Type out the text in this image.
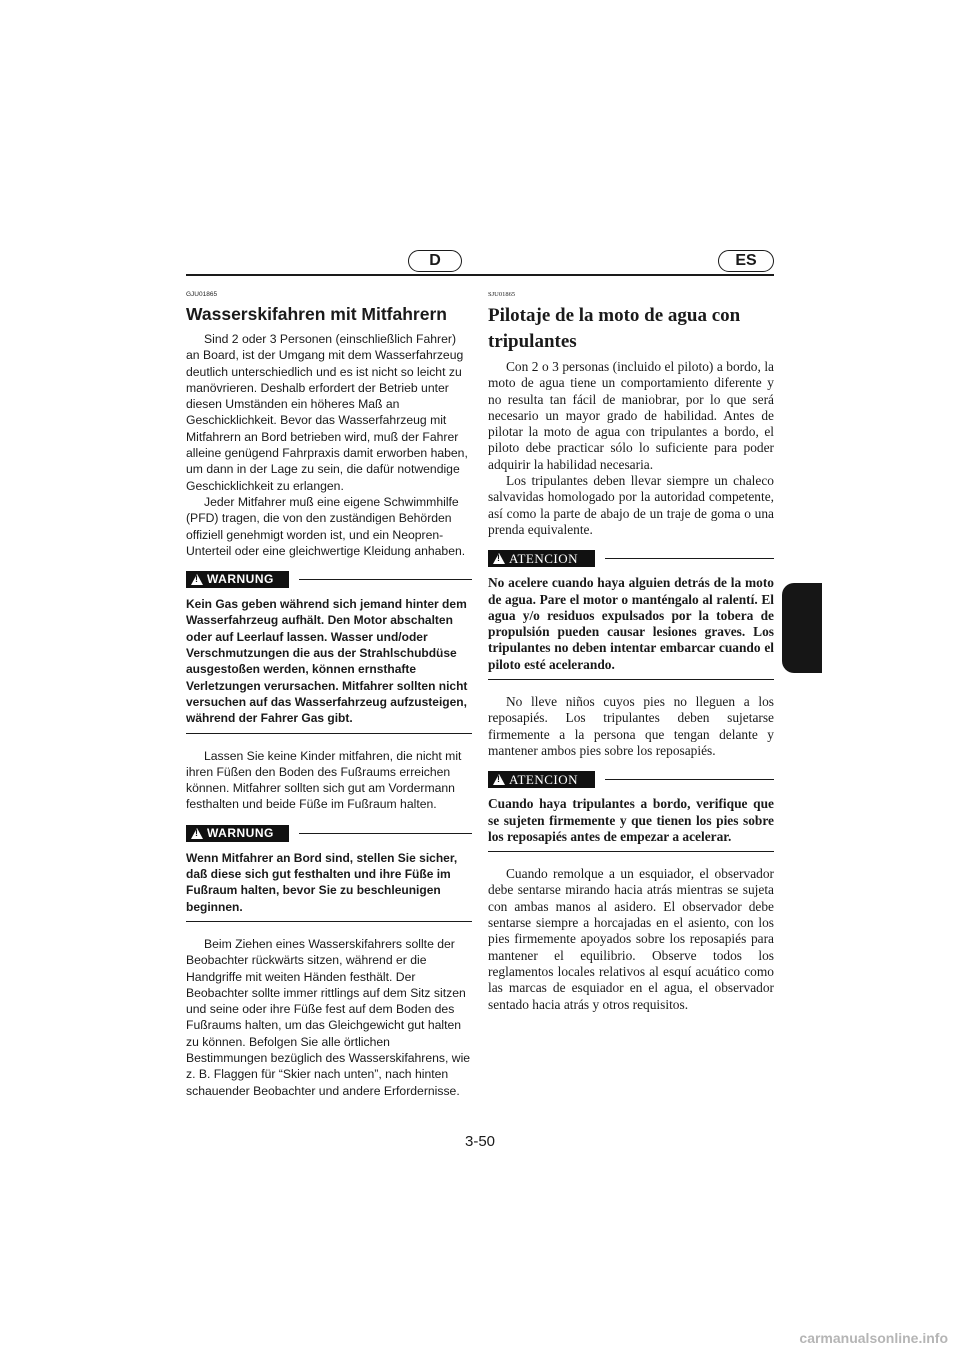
D	ES
GJU01865
Wasserskifahren mit Mitfahrern

Sind 2 oder 3 Personen (einschließlich Fahrer) an Board, ist der Umgang mit dem Wasserfahrzeug deutlich unterschiedlich und es ist nicht so leicht zu manövrieren. Deshalb erfordert der Betrieb unter diesen Umständen ein höheres Maß an Geschicklichkeit. Bevor das Wasserfahrzeug mit Mitfahrern an Bord betrieben wird, muß der Fahrer alleine genügend Fahrpraxis damit erworben haben, um dann in der Lage zu sein, die dafür notwendige Geschicklichkeit zu erlangen.

Jeder Mitfahrer muß eine eigene Schwimmhilfe (PFD) tragen, die von den zuständigen Behörden offiziell genehmigt worden ist, und ein Neopren-Unterteil oder eine gleichwertige Kleidung anhaben.

!
WARNUNG

Kein Gas geben während sich jemand hinter dem Wasserfahrzeug aufhält. Den Motor abschalten oder auf Leerlauf lassen. Wasser und/oder Verschmutzungen die aus der Strahlschubdüse ausgestoßen werden, können ernsthafte Verletzungen verursachen. Mitfahrer sollten nicht versuchen auf das Wasserfahrzeug aufzusteigen, während der Fahrer Gas gibt.

Lassen Sie keine Kinder mitfahren, die nicht mit ihren Füßen den Boden des Fußraums erreichen können. Mitfahrer sollten sich gut am Vordermann festhalten und beide Füße im Fußraum halten.

!
WARNUNG

Wenn Mitfahrer an Bord sind, stellen Sie sicher, daß diese sich gut festhalten und ihre Füße im Fußraum halten, bevor Sie zu beschleunigen beginnen.

Beim Ziehen eines Wasserskifahrers sollte der Beobachter rückwärts sitzen, während er die Handgriffe mit weiten Händen festhält. Der Beobachter sollte immer rittlings auf dem Sitz sitzen und seine oder ihre Füße fest auf dem Boden des Fußraums halten, um das Gleichgewicht gut halten zu können. Befolgen Sie alle örtlichen Bestimmungen bezüglich des Wasserskifahrens, wie z. B. Flaggen für “Skier nach unten”, nach hinten schauender Beobachter und andere Erfordernisse.

SJU01865
Pilotaje de la moto de agua con tripulantes

Con 2 o 3 personas (incluido el piloto) a bordo, la moto de agua tiene un comportamiento diferente y no resulta tan fácil de maniobrar, por lo que será necesario un mayor grado de habilidad. Antes de pilotar la moto de agua con tripulantes a bordo, el piloto debe practicar sólo lo suficiente para poder adquirir la habilidad necesaria.

Los tripulantes deben llevar siempre un chaleco salvavidas homologado por la autoridad competente, así como la parte de abajo de un traje de goma o una prenda equivalente.

!
ATENCION

No acelere cuando haya alguien detrás de la moto de agua. Pare el motor o manténgalo al ralentí. El agua y/o residuos expulsados por la tobera de propulsión pueden causar lesiones graves. Los tripulantes no deben intentar embarcar cuando el piloto esté acelerando.

No lleve niños cuyos pies no lleguen a los reposapiés. Los tripulantes deben sujetarse firmemente a la persona que tengan delante y mantener ambos pies sobre los reposapiés.

!
ATENCION

Cuando haya tripulantes a bordo, verifique que se sujeten firmemente y que tienen los pies sobre los reposapiés antes de empezar a acelerar.

Cuando remolque a un esquiador, el observador debe sentarse mirando hacia atrás mientras se sujeta con ambas manos al asidero. El observador debe sentarse siempre a horcajadas en el asiento, con los pies firmemente apoyados sobre los reposapiés para mantener el equilibrio. Observe todos los reglamentos locales relativos al esquí acuático como las marcas de esquiador en el agua, el observador sentado hacia atrás y otros requisitos.

3-50
carmanualsonline.info
